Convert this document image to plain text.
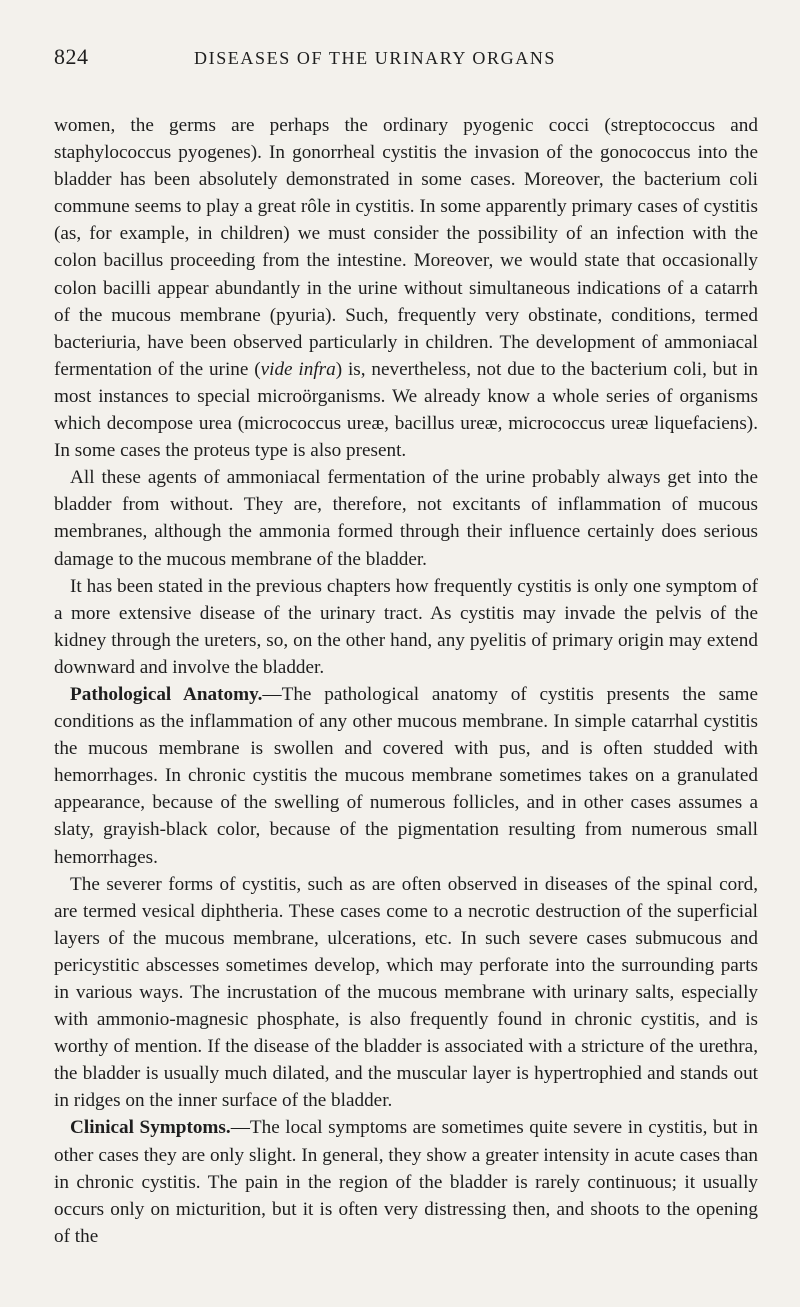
824	DISEASES OF THE URINARY ORGANS

women, the germs are perhaps the ordinary pyogenic cocci (streptococcus and staphylococcus pyogenes). In gonorrheal cystitis the invasion of the gonococcus into the bladder has been absolutely demonstrated in some cases. Moreover, the bacterium coli commune seems to play a great rôle in cystitis. In some apparently primary cases of cystitis (as, for example, in children) we must consider the possibility of an infection with the colon bacillus proceeding from the intestine. Moreover, we would state that occasionally colon bacilli appear abundantly in the urine without simultaneous indications of a catarrh of the mucous membrane (pyuria). Such, frequently very obstinate, conditions, termed bacteriuria, have been observed particularly in children. The development of ammoniacal fermentation of the urine (vide infra) is, nevertheless, not due to the bacterium coli, but in most instances to special microörganisms. We already know a whole series of organisms which decompose urea (micrococcus ureæ, bacillus ureæ, micrococcus ureæ liquefaciens). In some cases the proteus type is also present.

All these agents of ammoniacal fermentation of the urine probably always get into the bladder from without. They are, therefore, not excitants of inflammation of mucous membranes, although the ammonia formed through their influence certainly does serious damage to the mucous membrane of the bladder.

It has been stated in the previous chapters how frequently cystitis is only one symptom of a more extensive disease of the urinary tract. As cystitis may invade the pelvis of the kidney through the ureters, so, on the other hand, any pyelitis of primary origin may extend downward and involve the bladder.

Pathological Anatomy.—The pathological anatomy of cystitis presents the same conditions as the inflammation of any other mucous membrane. In simple catarrhal cystitis the mucous membrane is swollen and covered with pus, and is often studded with hemorrhages. In chronic cystitis the mucous membrane sometimes takes on a granulated appearance, because of the swelling of numerous follicles, and in other cases assumes a slaty, grayish-black color, because of the pigmentation resulting from numerous small hemorrhages.

The severer forms of cystitis, such as are often observed in diseases of the spinal cord, are termed vesical diphtheria. These cases come to a necrotic destruction of the superficial layers of the mucous membrane, ulcerations, etc. In such severe cases submucous and pericystitic abscesses sometimes develop, which may perforate into the surrounding parts in various ways. The incrustation of the mucous membrane with urinary salts, especially with ammonio-magnesic phosphate, is also frequently found in chronic cystitis, and is worthy of mention. If the disease of the bladder is associated with a stricture of the urethra, the bladder is usually much dilated, and the muscular layer is hypertrophied and stands out in ridges on the inner surface of the bladder.

Clinical Symptoms.—The local symptoms are sometimes quite severe in cystitis, but in other cases they are only slight. In general, they show a greater intensity in acute cases than in chronic cystitis. The pain in the region of the bladder is rarely continuous; it usually occurs only on micturition, but it is often very distressing then, and shoots to the opening of the
